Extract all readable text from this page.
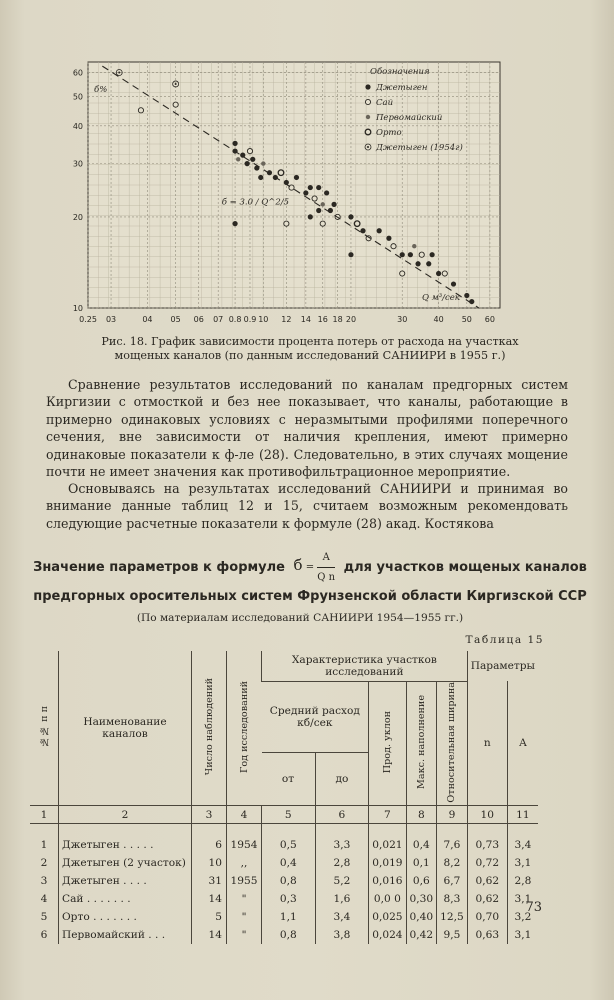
0.25 03	04 05 06 07 0.8 0.9 10 12 14 16 18 20	30	40 50 60
10
20
30
40
50
60
б%
Q м³/сек
б = 3.0 / Q^2/5
Обозначения
Джетыген
Сай
Первомайский
Орто
Джетыген (1954г)
Рис. 18. График зависимости процента потерь от расхода на участках
мощеных каналов (по данным исследований САНИИРИ в 1955 г.)

Сравнение результатов исследований по каналам предгорных систем Киргизии с отмосткой и без нее показывает, что каналы, работающие в примерно одинаковых условиях с неразмытыми профилями поперечного сечения, вне зависимости от наличия крепления, имеют примерно одинаковые показатели к ф-ле (28). Следовательно, в этих случаях мощение почти не имеет значения как противофильтрационное мероприятие.

Основываясь на результатах исследований САНИИРИ и принимая во внимание данные таблиц 12 и 15, считаем возможным рекомендовать следующие расчетные показатели к формуле (28) акад. Костякова

Значение параметров к формуле $б = \frac{A}{\text{Q n}}$ для участков мощеных каналов предгорных оросительных систем Фрунзенской области Киргизской ССР
(По материалам исследований САНИИРИ 1954—1955 гг.)
Таблица 15
№№ п п	Наименование каналов	Число наблюдений	Год исследований	Характеристика участков исследований					Параметры	
				Средний расход кб/сек		Прод. уклон	Макс. наполнение	Относительная ширина	n	A
				от	до					
1	2	3	4	5	6	7	8	9	10	11

1	Джетыген . . . . .	6	1954	0,5	3,3	0,021	0,4	7,6	0,73	3,4
2	Джетыген (2 участок)	10	,,	0,4	2,8	0,019	0,1	8,2	0,72	3,1
3	Джетыген . . . .	31	1955	0,8	5,2	0,016	0,6	6,7	0,62	2,8
4	Сай . . . . . . .	14	"	0,3	1,6	0,0 0	0,30	8,3	0,62	3,1
5	Орто . . . . . . .	5	"	1,1	3,4	0,025	0,40	12,5	0,70	3,2
6	Первомайский . . .	14	"	0,8	3,8	0,024	0,42	9,5	0,63	3,1
73
